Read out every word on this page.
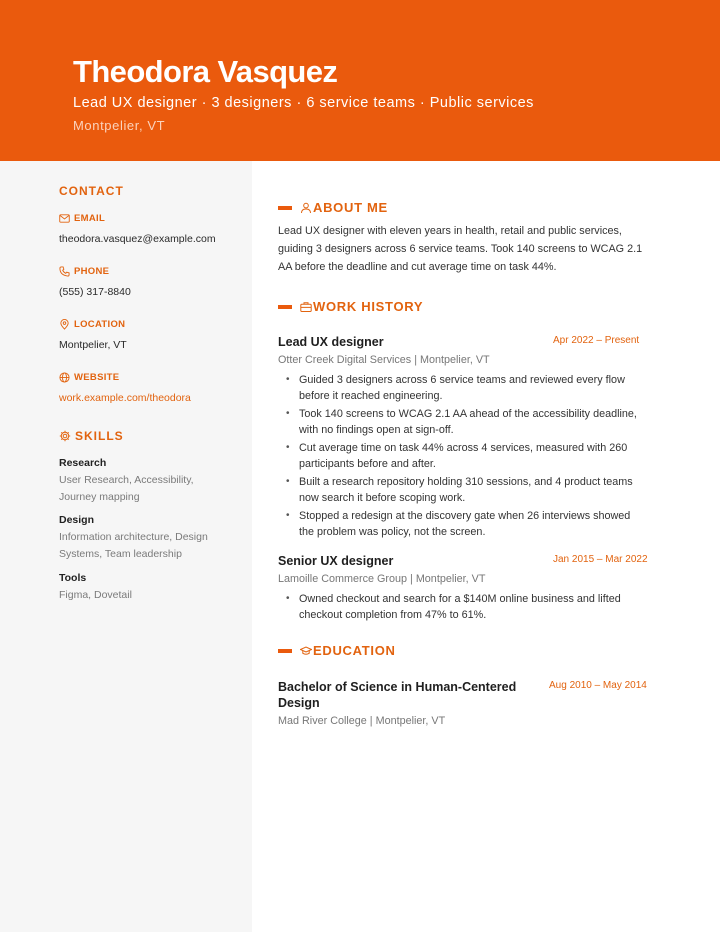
Theodora Vasquez
Lead UX designer · 3 designers · 6 service teams · Public services
Montpelier, VT
CONTACT
EMAIL
theodora.vasquez@example.com
PHONE
(555) 317-8840
LOCATION
Montpelier, VT
WEBSITE
work.example.com/theodora
SKILLS
Research
User Research, Accessibility, Journey mapping
Design
Information architecture, Design Systems, Team leadership
Tools
Figma, Dovetail
ABOUT ME
Lead UX designer with eleven years in health, retail and public services, guiding 3 designers across 6 service teams. Took 140 screens to WCAG 2.1 AA before the deadline and cut average time on task 44%.
WORK HISTORY
Lead UX designer	Apr 2022 – Present
Otter Creek Digital Services | Montpelier, VT
• Guided 3 designers across 6 service teams and reviewed every flow before it reached engineering.
• Took 140 screens to WCAG 2.1 AA ahead of the accessibility deadline, with no findings open at sign-off.
• Cut average time on task 44% across 4 services, measured with 260 participants before and after.
• Built a research repository holding 310 sessions, and 4 product teams now search it before scoping work.
• Stopped a redesign at the discovery gate when 26 interviews showed the problem was policy, not the screen.
Senior UX designer	Jan 2015 – Mar 2022
Lamoille Commerce Group | Montpelier, VT
• Owned checkout and search for a $140M online business and lifted checkout completion from 47% to 61%.
EDUCATION
Bachelor of Science in Human-Centered Design
Aug 2010 – May 2014
Mad River College | Montpelier, VT
